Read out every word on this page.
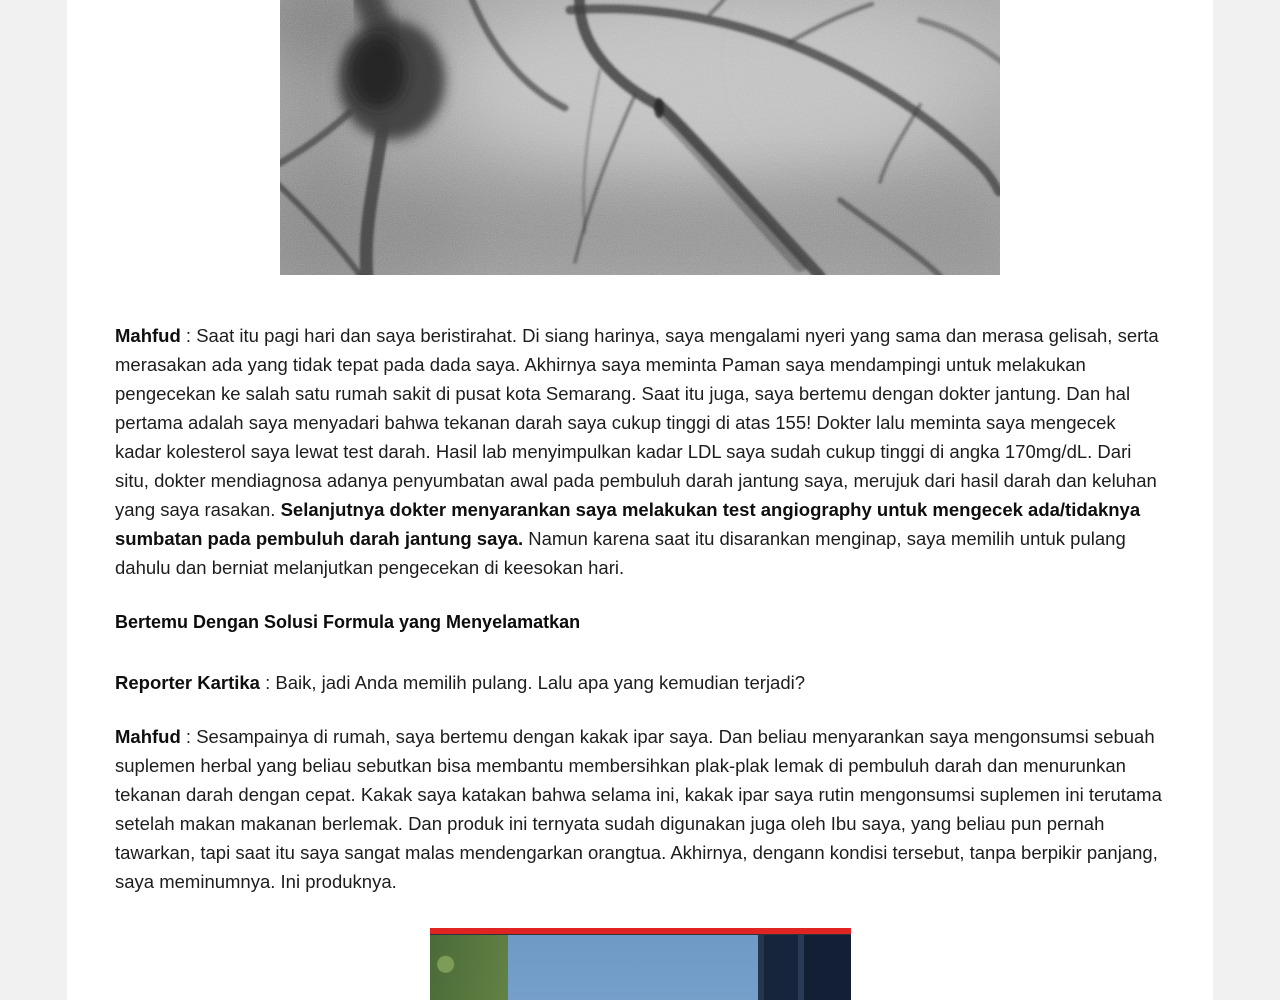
Mahfud : Saat itu pagi hari dan saya beristirahat. Di siang harinya, saya mengalami nyeri yang sama dan merasa gelisah, serta merasakan ada yang tidak tepat pada dada saya. Akhirnya saya meminta Paman saya mendampingi untuk melakukan pengecekan ke salah satu rumah sakit di pusat kota Semarang. Saat itu juga, saya bertemu dengan dokter jantung. Dan hal pertama adalah saya menyadari bahwa tekanan darah saya cukup tinggi di atas 155! Dokter lalu meminta saya mengecek kadar kolesterol saya lewat test darah. Hasil lab menyimpulkan kadar LDL saya sudah cukup tinggi di angka 170mg/dL. Dari situ, dokter mendiagnosa adanya penyumbatan awal pada pembuluh darah jantung saya, merujuk dari hasil darah dan keluhan yang saya rasakan. Selanjutnya dokter menyarankan saya melakukan test angiography untuk mengecek ada/tidaknya sumbatan pada pembuluh darah jantung saya. Namun karena saat itu disarankan menginap, saya memilih untuk pulang dahulu dan berniat melanjutkan pengecekan di keesokan hari.

Bertemu Dengan Solusi Formula yang Menyelamatkan

Reporter Kartika : Baik, jadi Anda memilih pulang. Lalu apa yang kemudian terjadi?

Mahfud : Sesampainya di rumah, saya bertemu dengan kakak ipar saya. Dan beliau menyarankan saya mengonsumsi sebuah suplemen herbal yang beliau sebutkan bisa membantu membersihkan plak-plak lemak di pembuluh darah dan menurunkan tekanan darah dengan cepat. Kakak saya katakan bahwa selama ini, kakak ipar saya rutin mengonsumsi suplemen ini terutama setelah makan makanan berlemak. Dan produk ini ternyata sudah digunakan juga oleh Ibu saya, yang beliau pun pernah tawarkan, tapi saat itu saya sangat malas mendengarkan orangtua. Akhirnya, dengann kondisi tersebut, tanpa berpikir panjang, saya meminumnya. Ini produknya.
